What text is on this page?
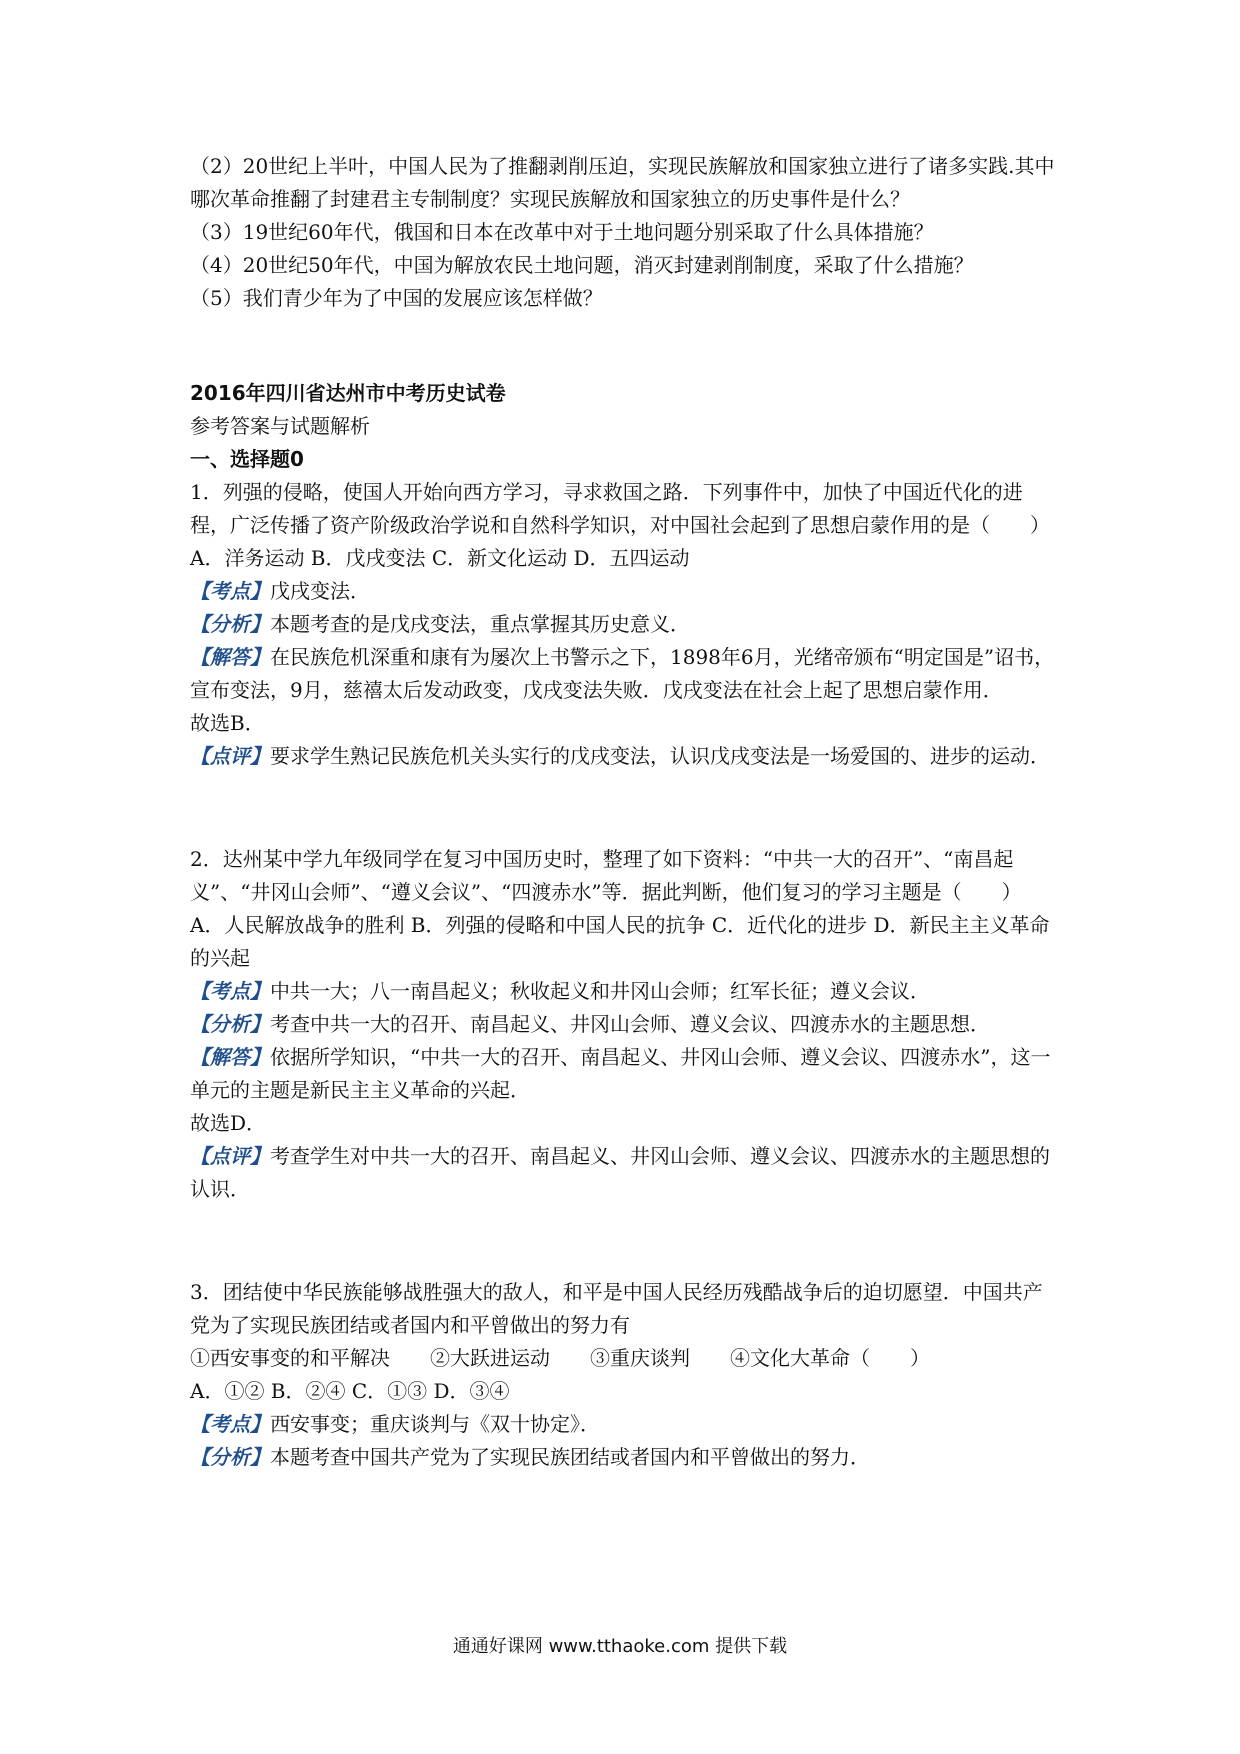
（2）20世纪上半叶，中国人民为了推翻剥削压迫，实现民族解放和国家独立进行了诸多实践.其中哪次革命推翻了封建君主专制制度？实现民族解放和国家独立的历史事件是什么？
（3）19世纪60年代，俄国和日本在改革中对于土地问题分别采取了什么具体措施？
（4）20世纪50年代，中国为解放农民土地问题，消灭封建剥削制度，采取了什么措施？
（5）我们青少年为了中国的发展应该怎样做？
2016年四川省达州市中考历史试卷
参考答案与试题解析
一、选择题0
1．列强的侵略，使国人开始向西方学习，寻求救国之路．下列事件中，加快了中国近代化的进程，广泛传播了资产阶级政治学说和自然科学知识，对中国社会起到了思想启蒙作用的是（　　）
A．洋务运动 B．戊戌变法 C．新文化运动 D．五四运动
【考点】戊戌变法．
【分析】本题考查的是戊戌变法，重点掌握其历史意义．
【解答】在民族危机深重和康有为屡次上书警示之下，1898年6月，光绪帝颁布“明定国是”诏书，宣布变法，9月，慈禧太后发动政变，戊戌变法失败．戊戌变法在社会上起了思想启蒙作用．
故选B．
【点评】要求学生熟记民族危机关头实行的戊戌变法，认识戊戌变法是一场爱国的、进步的运动．
2．达州某中学九年级同学在复习中国历史时，整理了如下资料：“中共一大的召开”、“南昌起义”、“井冈山会师”、“遵义会议”、“四渡赤水”等．据此判断，他们复习的学习主题是（　　）
A．人民解放战争的胜利 B．列强的侵略和中国人民的抗争 C．近代化的进步 D．新民主主义革命的兴起
【考点】中共一大；八一南昌起义；秋收起义和井冈山会师；红军长征；遵义会议．
【分析】考查中共一大的召开、南昌起义、井冈山会师、遵义会议、四渡赤水的主题思想．
【解答】依据所学知识，“中共一大的召开、南昌起义、井冈山会师、遵义会议、四渡赤水”，这一单元的主题是新民主主义革命的兴起．
故选D．
【点评】考查学生对中共一大的召开、南昌起义、井冈山会师、遵义会议、四渡赤水的主题思想的认识．
3．团结使中华民族能够战胜强大的敌人，和平是中国人民经历残酷战争后的迫切愿望．中国共产党为了实现民族团结或者国内和平曾做出的努力有
①西安事变的和平解决　　②大跃进运动　　③重庆谈判　　④文化大革命（　　）
A．①② B．②④ C．①③ D．③④
【考点】西安事变；重庆谈判与《双十协定》．
【分析】本题考查中国共产党为了实现民族团结或者国内和平曾做出的努力．
通通好课网 www.tthaoke.com 提供下载
